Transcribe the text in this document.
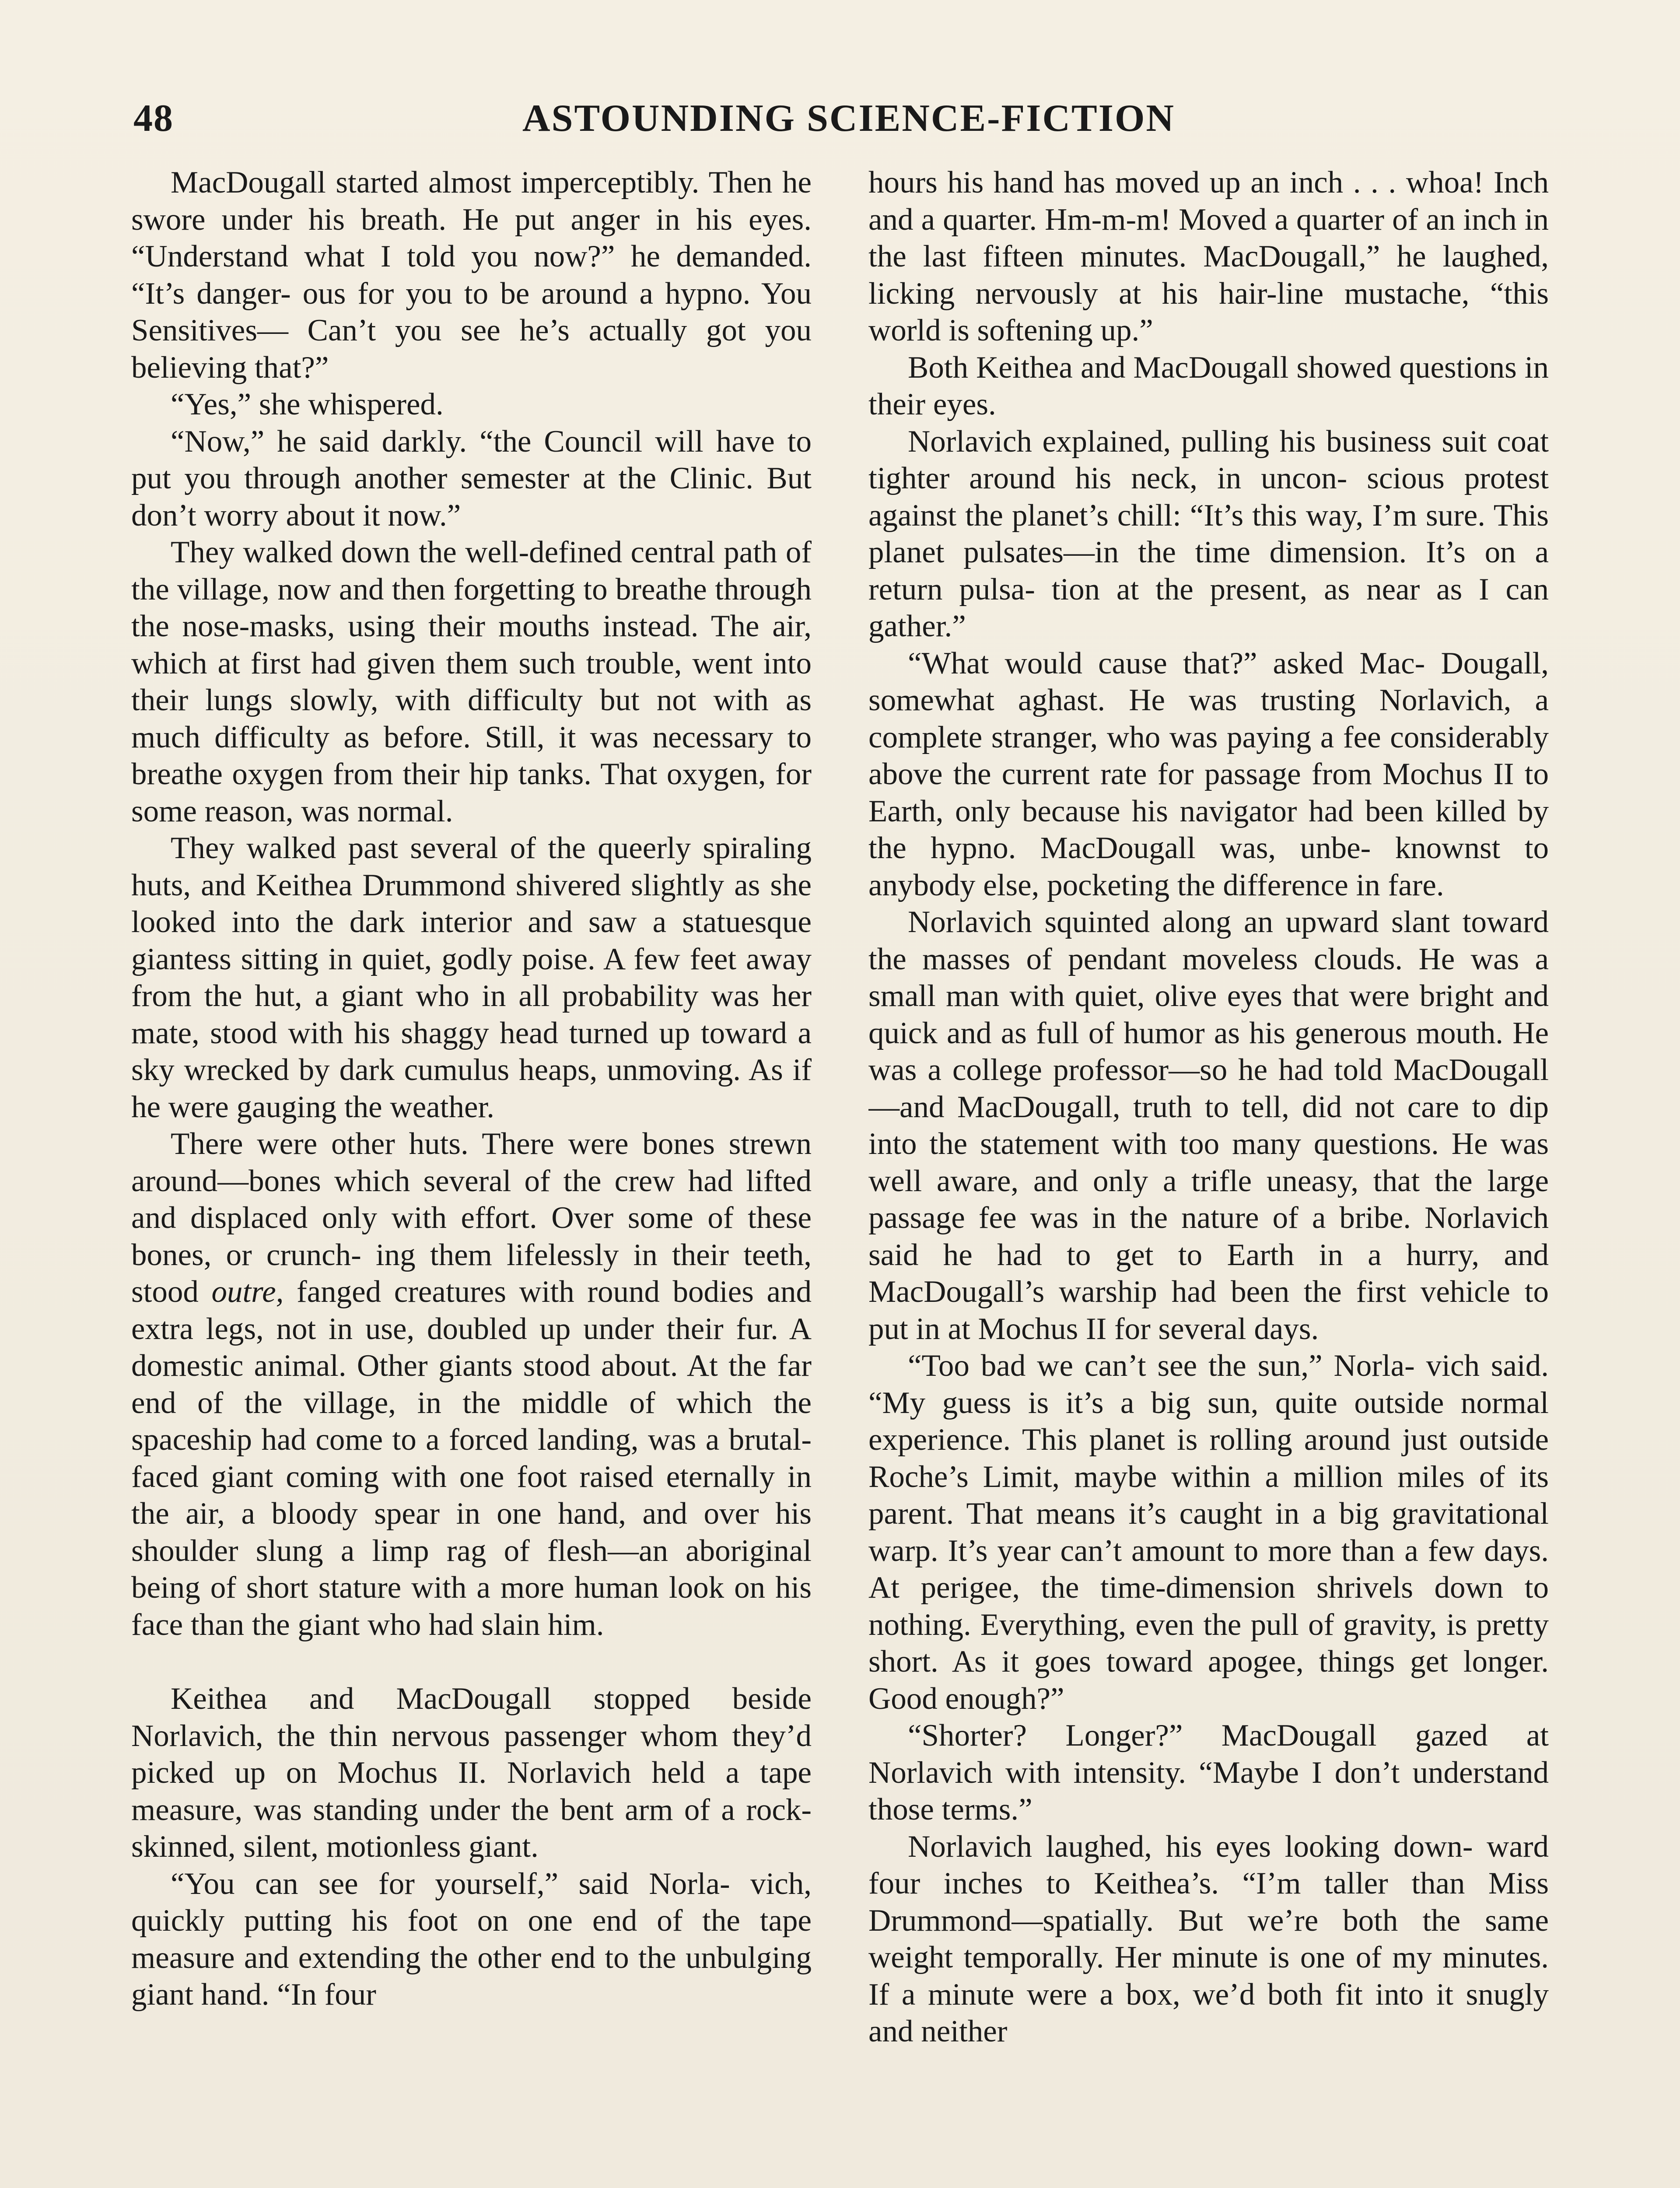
48	ASTOUNDING SCIENCE-FICTION

MacDougall started almost imperceptibly. Then he swore under his breath. He put anger in his eyes. “Understand what I told you now?” he demanded. “It’s danger- ous for you to be around a hypno. You Sensitives— Can’t you see he’s actually got you believing that?”

“Yes,” she whispered.

“Now,” he said darkly. “the Council will have to put you through another semester at the Clinic. But don’t worry about it now.”

They walked down the well-defined central path of the village, now and then forgetting to breathe through the nose-masks, using their mouths instead. The air, which at first had given them such trouble, went into their lungs slowly, with difficulty but not with as much difficulty as before. Still, it was necessary to breathe oxygen from their hip tanks. That oxygen, for some reason, was normal.

They walked past several of the queerly spiraling huts, and Keithea Drummond shivered slightly as she looked into the dark interior and saw a statuesque giantess sitting in quiet, godly poise. A few feet away from the hut, a giant who in all probability was her mate, stood with his shaggy head turned up toward a sky wrecked by dark cumulus heaps, unmoving. As if he were gauging the weather.

There were other huts. There were bones strewn around—bones which several of the crew had lifted and displaced only with effort. Over some of these bones, or crunch- ing them lifelessly in their teeth, stood outre, fanged creatures with round bodies and extra legs, not in use, doubled up under their fur. A domestic animal. Other giants stood about. At the far end of the village, in the middle of which the spaceship had come to a forced landing, was a brutal-faced giant coming with one foot raised eternally in the air, a bloody spear in one hand, and over his shoulder slung a limp rag of flesh—an aboriginal being of short stature with a more human look on his face than the giant who had slain him.

Keithea and MacDougall stopped beside Norlavich, the thin nervous passenger whom they’d picked up on Mochus II. Norlavich held a tape measure, was standing under the bent arm of a rock-skinned, silent, motionless giant.

“You can see for yourself,” said Norla- vich, quickly putting his foot on one end of the tape measure and extending the other end to the unbulging giant hand. “In four

hours his hand has moved up an inch . . . whoa! Inch and a quarter. Hm-m-m! Moved a quarter of an inch in the last fifteen minutes. MacDougall,” he laughed, licking nervously at his hair-line mustache, “this world is softening up.”

Both Keithea and MacDougall showed questions in their eyes.

Norlavich explained, pulling his business suit coat tighter around his neck, in uncon- scious protest against the planet’s chill: “It’s this way, I’m sure. This planet pulsates—in the time dimension. It’s on a return pulsa- tion at the present, as near as I can gather.”

“What would cause that?” asked Mac- Dougall, somewhat aghast. He was trusting Norlavich, a complete stranger, who was paying a fee considerably above the current rate for passage from Mochus II to Earth, only because his navigator had been killed by the hypno. MacDougall was, unbe- knownst to anybody else, pocketing the difference in fare.

Norlavich squinted along an upward slant toward the masses of pendant moveless clouds. He was a small man with quiet, olive eyes that were bright and quick and as full of humor as his generous mouth. He was a college professor—so he had told MacDougall—and MacDougall, truth to tell, did not care to dip into the statement with too many questions. He was well aware, and only a trifle uneasy, that the large passage fee was in the nature of a bribe. Norlavich said he had to get to Earth in a hurry, and MacDougall’s warship had been the first vehicle to put in at Mochus II for several days.

“Too bad we can’t see the sun,” Norla- vich said. “My guess is it’s a big sun, quite outside normal experience. This planet is rolling around just outside Roche’s Limit, maybe within a million miles of its parent. That means it’s caught in a big gravitational warp. It’s year can’t amount to more than a few days. At perigee, the time-dimension shrivels down to nothing. Everything, even the pull of gravity, is pretty short. As it goes toward apogee, things get longer. Good enough?”

“Shorter? Longer?” MacDougall gazed at Norlavich with intensity. “Maybe I don’t understand those terms.”

Norlavich laughed, his eyes looking down- ward four inches to Keithea’s. “I’m taller than Miss Drummond—spatially. But we’re both the same weight temporally. Her minute is one of my minutes. If a minute were a box, we’d both fit into it snugly and neither
